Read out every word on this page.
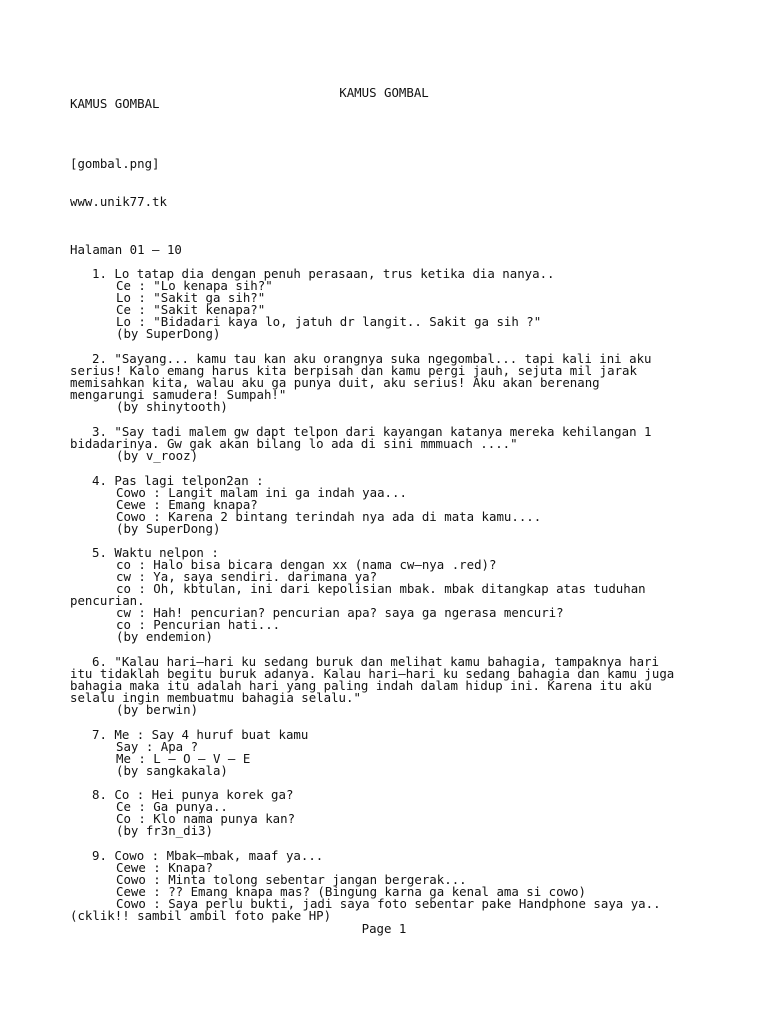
KAMUS GOMBAL
KAMUS GOMBAL
[gombal.png]
www.unik77.tk
Halaman 01 – 10
1. Lo tatap dia dengan penuh perasaan, trus ketika dia nanya..
Ce : "Lo kenapa sih?"
Lo : "Sakit ga sih?"
Ce : "Sakit kenapa?"
Lo : "Bidadari kaya lo, jatuh dr langit.. Sakit ga sih ?"
(by SuperDong)
2. "Sayang... kamu tau kan aku orangnya suka ngegombal... tapi kali ini aku
serius! Kalo emang harus kita berpisah dan kamu pergi jauh, sejuta mil jarak
memisahkan kita, walau aku ga punya duit, aku serius! Aku akan berenang
mengarungi samudera! Sumpah!"
(by shinytooth)
3. "Say tadi malem gw dapt telpon dari kayangan katanya mereka kehilangan 1
bidadarinya. Gw gak akan bilang lo ada di sini mmmuach ...."
(by v_rooz)
4. Pas lagi telpon2an :
Cowo : Langit malam ini ga indah yaa...
Cewe : Emang knapa?
Cowo : Karena 2 bintang terindah nya ada di mata kamu....
(by SuperDong)
5. Waktu nelpon :
co : Halo bisa bicara dengan xx (nama cw–nya .red)?
cw : Ya, saya sendiri. darimana ya?
co : Oh, kbtulan, ini dari kepolisian mbak. mbak ditangkap atas tuduhan
pencurian.
cw : Hah! pencurian? pencurian apa? saya ga ngerasa mencuri?
co : Pencurian hati...
(by endemion)
6. "Kalau hari–hari ku sedang buruk dan melihat kamu bahagia, tampaknya hari
itu tidaklah begitu buruk adanya. Kalau hari–hari ku sedang bahagia dan kamu juga
bahagia maka itu adalah hari yang paling indah dalam hidup ini. Karena itu aku
selalu ingin membuatmu bahagia selalu."
(by berwin)
7. Me : Say 4 huruf buat kamu
Say : Apa ?
Me : L – O – V – E
(by sangkakala)
8. Co : Hei punya korek ga?
Ce : Ga punya..
Co : Klo nama punya kan?
(by fr3n_di3)
9. Cowo : Mbak–mbak, maaf ya...
Cewe : Knapa?
Cowo : Minta tolong sebentar jangan bergerak...
Cewe : ?? Emang knapa mas? (Bingung karna ga kenal ama si cowo)
Cowo : Saya perlu bukti, jadi saya foto sebentar pake Handphone saya ya..
(cklik!! sambil ambil foto pake HP)
Page 1
